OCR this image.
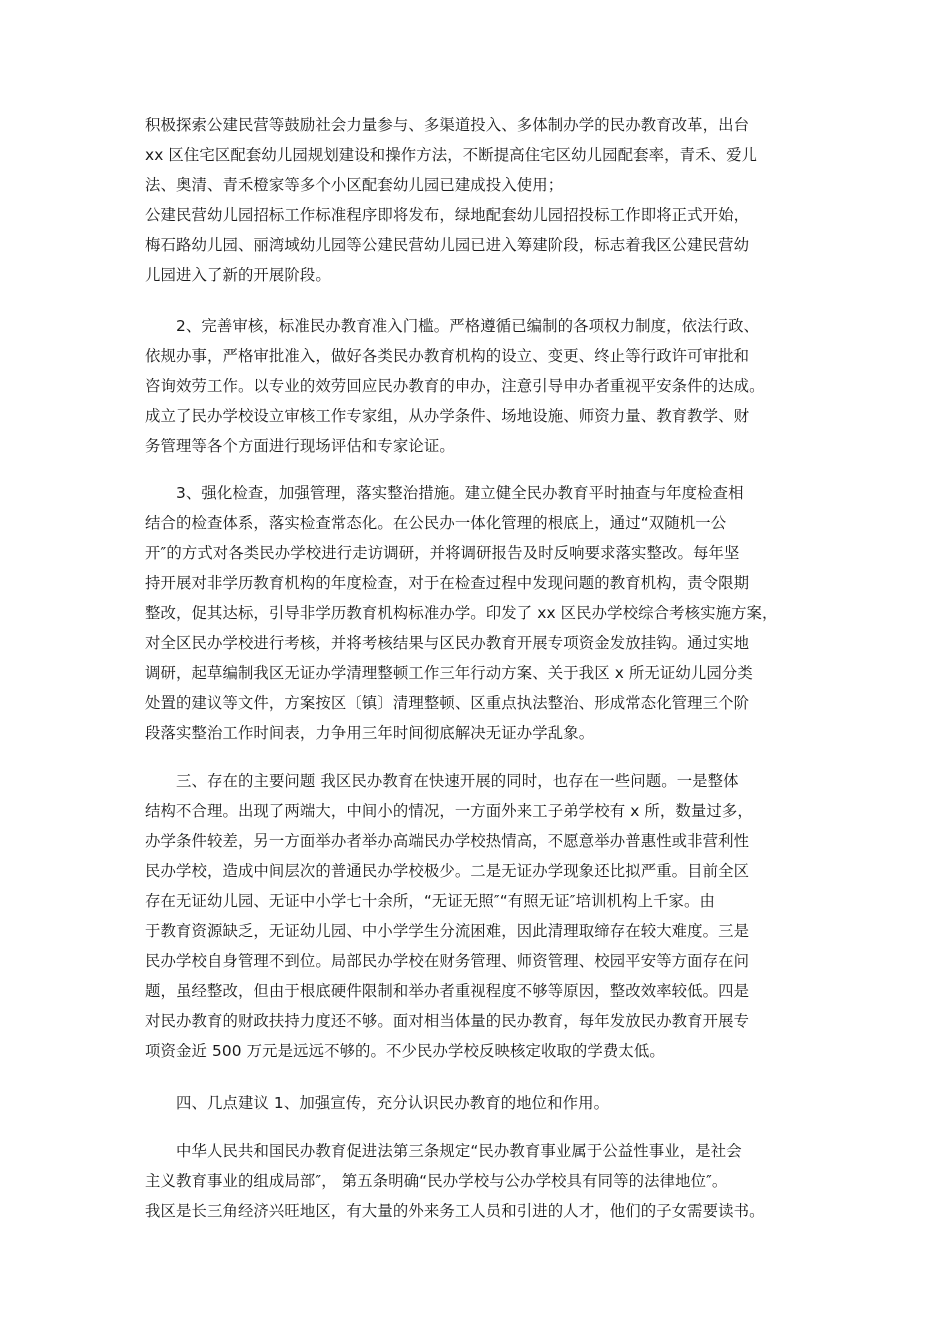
积极探索公建民营等鼓励社会力量参与、多渠道投入、多体制办学的民办教育改革，出台
xx 区住宅区配套幼儿园规划建设和操作方法，不断提高住宅区幼儿园配套率，青禾、爱儿
法、奥清、青禾橙家等多个小区配套幼儿园已建成投入使用；
公建民营幼儿园招标工作标准程序即将发布，绿地配套幼儿园招投标工作即将正式开始，
梅石路幼儿园、丽湾域幼儿园等公建民营幼儿园已进入筹建阶段，标志着我区公建民营幼
儿园进入了新的开展阶段。
2、完善审核，标准民办教育准入门槛。严格遵循已编制的各项权力制度，依法行政、
依规办事，严格审批准入，做好各类民办教育机构的设立、变更、终止等行政许可审批和
咨询效劳工作。以专业的效劳回应民办教育的申办，注意引导申办者重视平安条件的达成。
成立了民办学校设立审核工作专家组，从办学条件、场地设施、师资力量、教育教学、财
务管理等各个方面进行现场评估和专家论证。
3、强化检查，加强管理，落实整治措施。建立健全民办教育平时抽查与年度检查相
结合的检查体系，落实检查常态化。在公民办一体化管理的根底上，通过“双随机一公
开″的方式对各类民办学校进行走访调研，并将调研报告及时反响要求落实整改。每年坚
持开展对非学历教育机构的年度检查，对于在检查过程中发现问题的教育机构，责令限期
整改，促其达标，引导非学历教育机构标准办学。印发了 xx 区民办学校综合考核实施方案，
对全区民办学校进行考核，并将考核结果与区民办教育开展专项资金发放挂钩。通过实地
调研，起草编制我区无证办学清理整顿工作三年行动方案、关于我区 x 所无证幼儿园分类
处置的建议等文件，方案按区〔镇〕清理整顿、区重点执法整治、形成常态化管理三个阶
段落实整治工作时间表，力争用三年时间彻底解决无证办学乱象。
三、存在的主要问题 我区民办教育在快速开展的同时，也存在一些问题。一是整体
结构不合理。出现了两端大，中间小的情况，一方面外来工子弟学校有 x 所，数量过多，
办学条件较差，另一方面举办者举办高端民办学校热情高，不愿意举办普惠性或非营利性
民办学校，造成中间层次的普通民办学校极少。二是无证办学现象还比拟严重。目前全区
存在无证幼儿园、无证中小学七十余所，“无证无照″“有照无证″培训机构上千家。由
于教育资源缺乏，无证幼儿园、中小学学生分流困难，因此清理取缔存在较大难度。三是
民办学校自身管理不到位。局部民办学校在财务管理、师资管理、校园平安等方面存在问
题，虽经整改，但由于根底硬件限制和举办者重视程度不够等原因，整改效率较低。四是
对民办教育的财政扶持力度还不够。面对相当体量的民办教育，每年发放民办教育开展专
项资金近 500 万元是远远不够的。不少民办学校反映核定收取的学费太低。
四、几点建议 1、加强宣传，充分认识民办教育的地位和作用。
中华人民共和国民办教育促进法第三条规定“民办教育事业属于公益性事业，是社会
主义教育事业的组成局部″， 第五条明确“民办学校与公办学校具有同等的法律地位″。
我区是长三角经济兴旺地区，有大量的外来务工人员和引进的人才，他们的子女需要读书。
